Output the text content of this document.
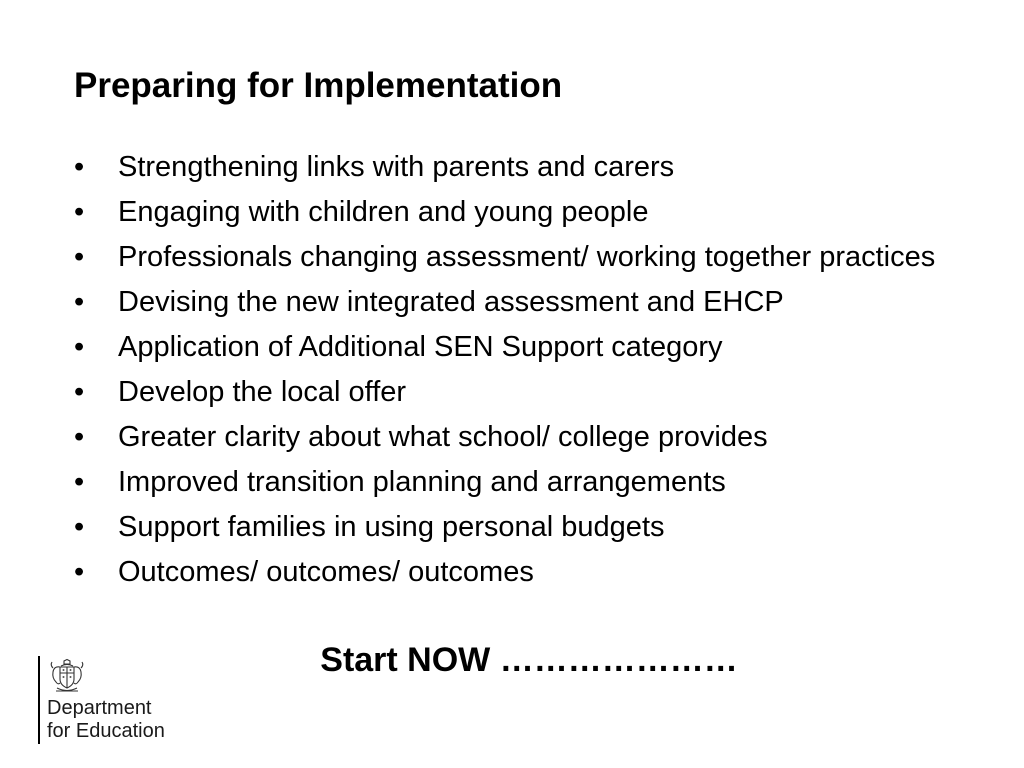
Preparing for Implementation
•	Strengthening links with parents and carers
•	Engaging with children and young people
•	Professionals changing assessment/ working together practices
•	Devising the new integrated assessment and EHCP
•	Application of Additional SEN Support category
•	Develop the local offer
•	Greater clarity about what school/ college provides
•	Improved transition planning and arrangements
•	Support families in using personal budgets
•	Outcomes/ outcomes/ outcomes

Start NOW …………………

Department
for Education
